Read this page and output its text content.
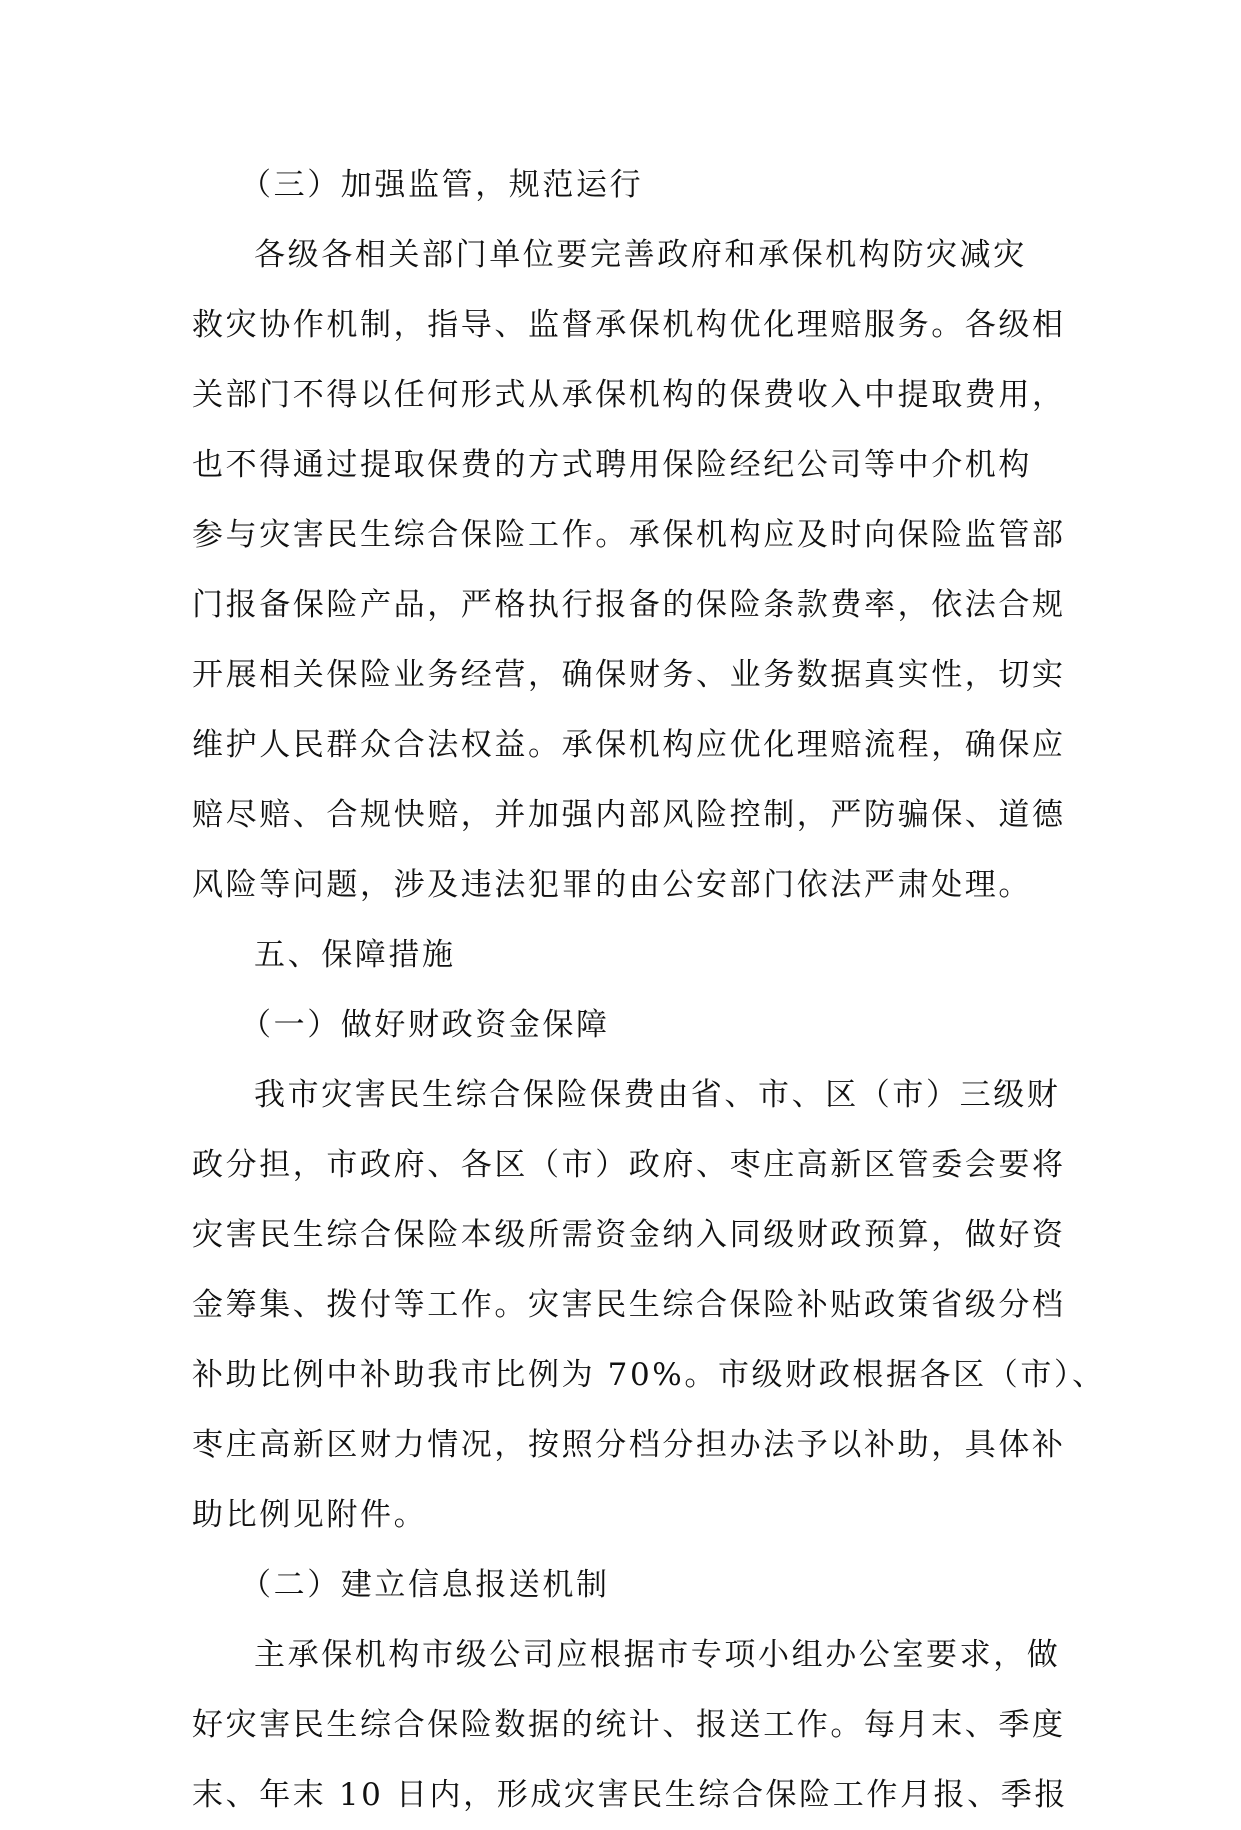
（三）加强监管，规范运行
各级各相关部门单位要完善政府和承保机构防灾减灾
救灾协作机制，指导、监督承保机构优化理赔服务。各级相
关部门不得以任何形式从承保机构的保费收入中提取费用，
也不得通过提取保费的方式聘用保险经纪公司等中介机构
参与灾害民生综合保险工作。承保机构应及时向保险监管部
门报备保险产品，严格执行报备的保险条款费率，依法合规
开展相关保险业务经营，确保财务、业务数据真实性，切实
维护人民群众合法权益。承保机构应优化理赔流程，确保应
赔尽赔、合规快赔，并加强内部风险控制，严防骗保、道德
风险等问题，涉及违法犯罪的由公安部门依法严肃处理。
五、保障措施
（一）做好财政资金保障
我市灾害民生综合保险保费由省、市、区（市）三级财
政分担，市政府、各区（市）政府、枣庄高新区管委会要将
灾害民生综合保险本级所需资金纳入同级财政预算，做好资
金筹集、拨付等工作。灾害民生综合保险补贴政策省级分档
补助比例中补助我市比例为 70%。市级财政根据各区（市）、
枣庄高新区财力情况，按照分档分担办法予以补助，具体补
助比例见附件。
（二）建立信息报送机制
主承保机构市级公司应根据市专项小组办公室要求，做
好灾害民生综合保险数据的统计、报送工作。每月末、季度
末、年末 10 日内，形成灾害民生综合保险工作月报、季报
